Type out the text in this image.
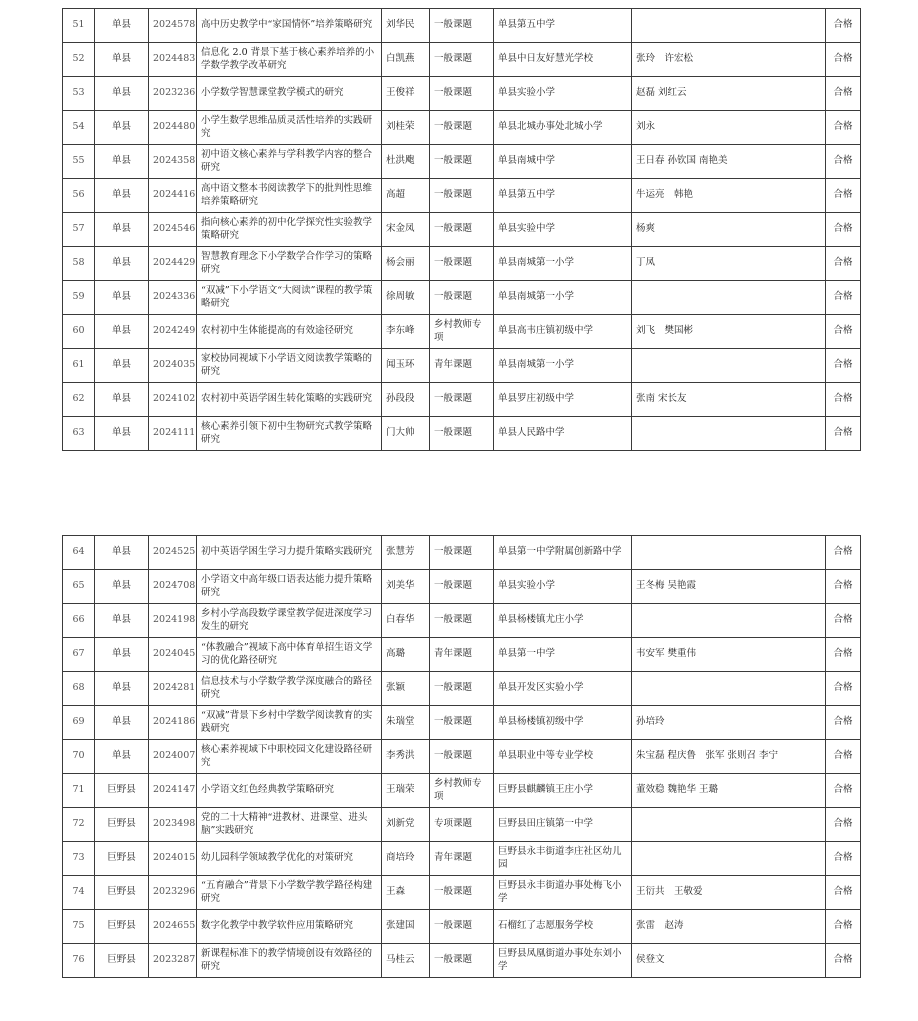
51	单县	2024578	高中历史教学中“家国情怀”培养策略研究	刘华民	一般课题	单县第五中学		合格
52	单县	2024483	信息化 2.0 背景下基于核心素养培养的小学数学教学改革研究	白凯燕	一般课题	单县中日友好慧光学校	张玲　许宏松	合格
53	单县	2023236	小学数学智慧课堂教学模式的研究	王俊祥	一般课题	单县实验小学	赵磊 刘红云	合格
54	单县	2024480	小学生数学思维品质灵活性培养的实践研究	刘桂荣	一般课题	单县北城办事处北城小学	刘永	合格
55	单县	2024358	初中语文核心素养与学科教学内容的整合研究	杜洪飑	一般课题	单县南城中学	王日春 孙钦国 南艳美	合格
56	单县	2024416	高中语文整本书阅读教学下的批判性思维培养策略研究	高超	一般课题	单县第五中学	牛运亮　韩艳	合格
57	单县	2024546	指向核心素养的初中化学探究性实验教学策略研究	宋金凤	一般课题	单县实验中学	杨爽	合格
58	单县	2024429	智慧教育理念下小学数学合作学习的策略研究	杨会丽	一般课题	单县南城第一小学	丁凤	合格
59	单县	2024336	“双减”下小学语文“大阅读”课程的教学策略研究	徐周敏	一般课题	单县南城第一小学		合格
60	单县	2024249	农村初中生体能提高的有效途径研究	李东峰	乡村教师专项	单县高韦庄镇初级中学	刘飞　樊国彬	合格
61	单县	2024035	家校协同视域下小学语文阅读教学策略的研究	闻玉环	青年课题	单县南城第一小学		合格
62	单县	2024102	农村初中英语学困生转化策略的实践研究	孙段段	一般课题	单县罗庄初级中学	张南 宋长友	合格
63	单县	2024111	核心素养引领下初中生物研究式教学策略研究	门大帅	一般课题	单县人民路中学		合格
64	单县	2024525	初中英语学困生学习力提升策略实践研究	张慧芳	一般课题	单县第一中学附属创新路中学		合格
65	单县	2024708	小学语文中高年级口语表达能力提升策略研究	刘美华	一般课题	单县实验小学	王冬梅 吴艳霞	合格
66	单县	2024198	乡村小学高段数学课堂教学促进深度学习发生的研究	白春华	一般课题	单县杨楼镇尤庄小学		合格
67	单县	2024045	“体教融合”视域下高中体育单招生语文学习的优化路径研究	高璐	青年课题	单县第一中学	韦安军 樊重伟	合格
68	单县	2024281	信息技术与小学数学教学深度融合的路径研究	张颖	一般课题	单县开发区实验小学		合格
69	单县	2024186	“双减”背景下乡村中学数学阅读教育的实践研究	朱瑞堂	一般课题	单县杨楼镇初级中学	孙培玲	合格
70	单县	2024007	核心素养视域下中职校园文化建设路径研究	李秀洪	一般课题	单县职业中等专业学校	朱宝磊 程庆鲁　张军 张则召 李宁	合格
71	巨野县	2024147	小学语文红色经典教学策略研究	王瑞荣	乡村教师专项	巨野县麒麟镇王庄小学	董效稳 魏艳华 王璐	合格
72	巨野县	2023498	党的二十大精神“进教材、进课堂、进头脑”实践研究	刘新党	专项课题	巨野县田庄镇第一中学		合格
73	巨野县	2024015	幼儿园科学领域教学优化的对策研究	商培玲	青年课题	巨野县永丰街道李庄社区幼儿园		合格
74	巨野县	2023296	“五育融合”背景下小学数学教学路径构建研究	王森	一般课题	巨野县永丰街道办事处梅飞小学	王衍共　王敬爱	合格
75	巨野县	2024655	数字化教学中教学软件应用策略研究	张建国	一般课题	石榴红了志愿服务学校	张雷　赵涛	合格
76	巨野县	2023287	新课程标准下的教学情境创设有效路径的研究	马桂云	一般课题	巨野县凤凰街道办事处东刘小学	侯登文	合格
